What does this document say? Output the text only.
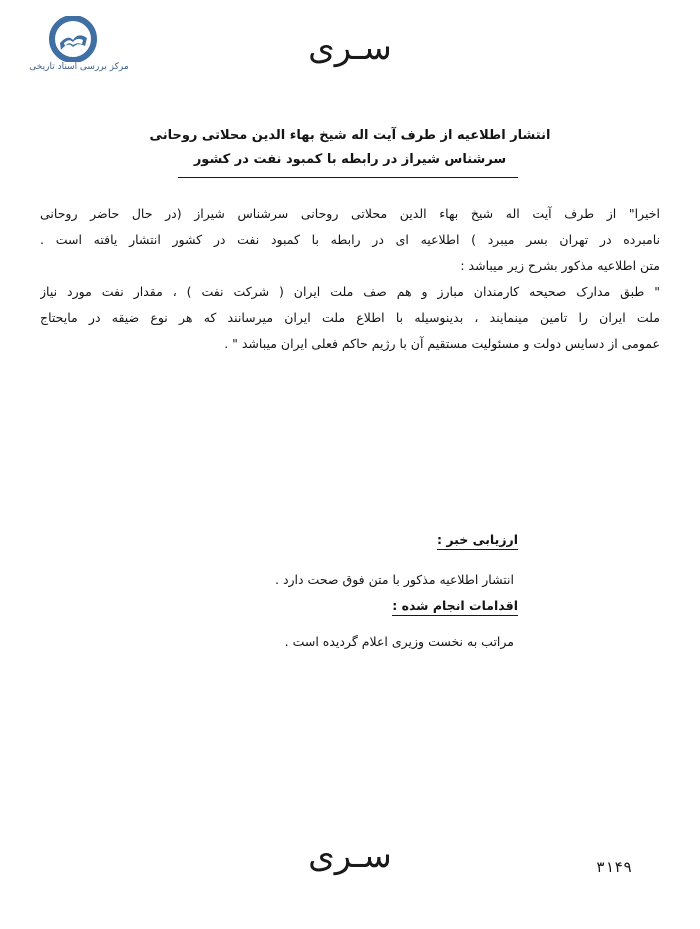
مرکز بررسی اسناد تاریخی	سـری
انتشار اطلاعیه از طرف آیت اله شیخ بهاء الدین محلاتی روحانی
سرشناس شیراز در رابطه با کمبود نفت در کشور
اخیرا" از طرف آیت اله شیخ بهاء الدین محلاتی روحانی سرشناس شیراز (در حال حاضر روحانی
نامبرده در تهران بسر میبرد ) اطلاعیه ای در رابطه با کمبود نفت در کشور انتشار یافته است .
متن اطلاعیه مذکور بشرح زیر میباشد :
" طبق مدارک صحیحه کارمندان مبارز و هم صف ملت ایران ( شرکت نفت ) ، مقدار نفت مورد نیاز
ملت ایران را تامین مینمایند ، بدینوسیله با اطلاع ملت ایران میرسانند که هر نوع ضیقه در مایحتاج
عمومی از دسایس دولت و مسئولیت مستقیم آن با رژیم حاکم فعلی ایران میباشد " .
ارزیابی خبر :
انتشار اطلاعیه مذکور با متن فوق صحت دارد .
اقدامات انجام شده :
مراتب به نخست وزیری اعلام گردیده است .
سـری	۳۱۴۹
